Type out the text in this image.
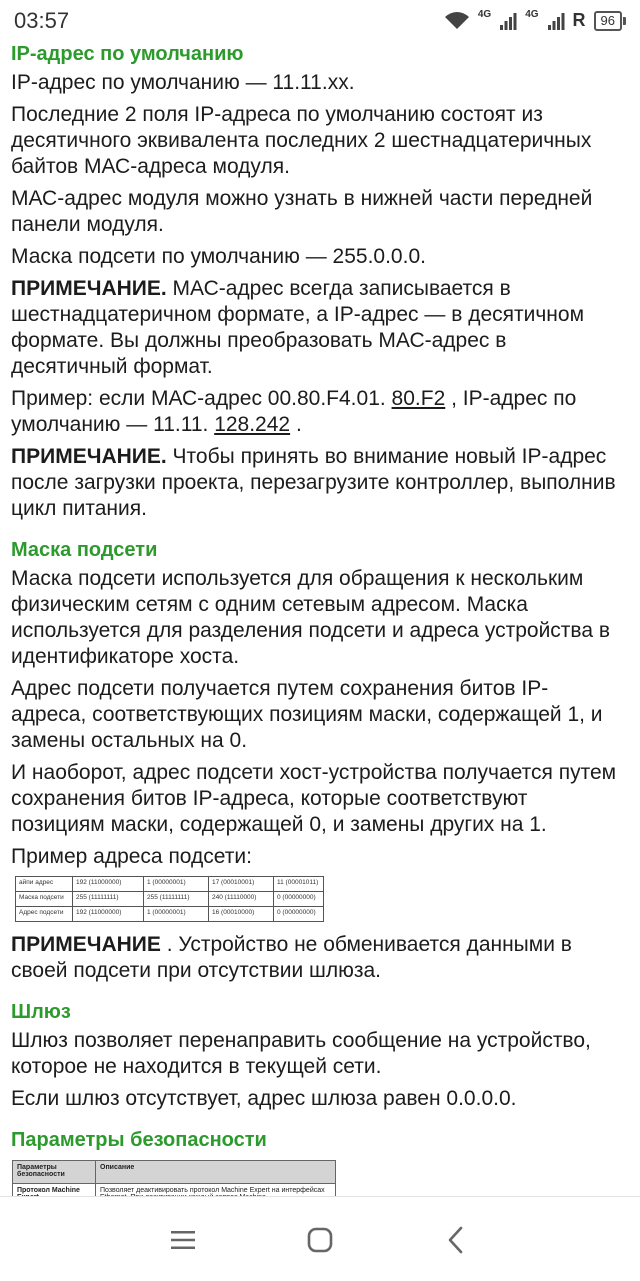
03:57	4G	4G R	96
IP-адрес по умолчанию

IP-адрес по умолчанию — 11.11.xx.

Последние 2 поля IP-адреса по умолчанию состоят из десятичного эквивалента последних 2 шестнадцатеричных байтов МАС-адреса модуля.

МАС-адрес модуля можно узнать в нижней части передней панели модуля.

Маска подсети по умолчанию — 255.0.0.0.

ПРИМЕЧАНИЕ. МАС-адрес всегда записывается в шестнадцатеричном формате, а IP-адрес — в десятичном формате. Вы должны преобразовать МАС-адрес в десятичный формат.

Пример: если МАС-адрес 00.80.F4.01. 80.F2 , IP-адрес по умолчанию — 11.11. 128.242 .

ПРИМЕЧАНИЕ. Чтобы принять во внимание новый IP-адрес после загрузки проекта, перезагрузите контроллер, выполнив цикл питания.

Маска подсети

Маска подсети используется для обращения к нескольким физическим сетям с одним сетевым адресом. Маска используется для разделения подсети и адреса устройства в идентификаторе хоста.

Адрес подсети получается путем сохранения битов IP-адреса, соответствующих позициям маски, содержащей 1, и замены остальных на 0.

И наоборот, адрес подсети хост-устройства получается путем сохранения битов IP-адреса, которые соответствуют позициям маски, содержащей 0, и замены других на 1.

Пример адреса подсети:

айпи адрес	192 (11000000)	1 (00000001)	17 (00010001)	11 (00001011)
Маска подсети	255 (11111111)	255 (11111111)	240 (11110000)	0 (00000000)
Адрес подсети	192 (11000000)	1 (00000001)	16 (00010000)	0 (00000000)

ПРИМЕЧАНИЕ . Устройство не обменивается данными в своей подсети при отсутствии шлюза.

Шлюз

Шлюз позволяет перенаправить сообщение на устройство, которое не находится в текущей сети.

Если шлюз отсутствует, адрес шлюза равен 0.0.0.0.

Параметры безопасности
Параметры безопасности	Описание
Протокол Machine	Позволяет деактивировать протокол Machine Expert на интерфейсах
